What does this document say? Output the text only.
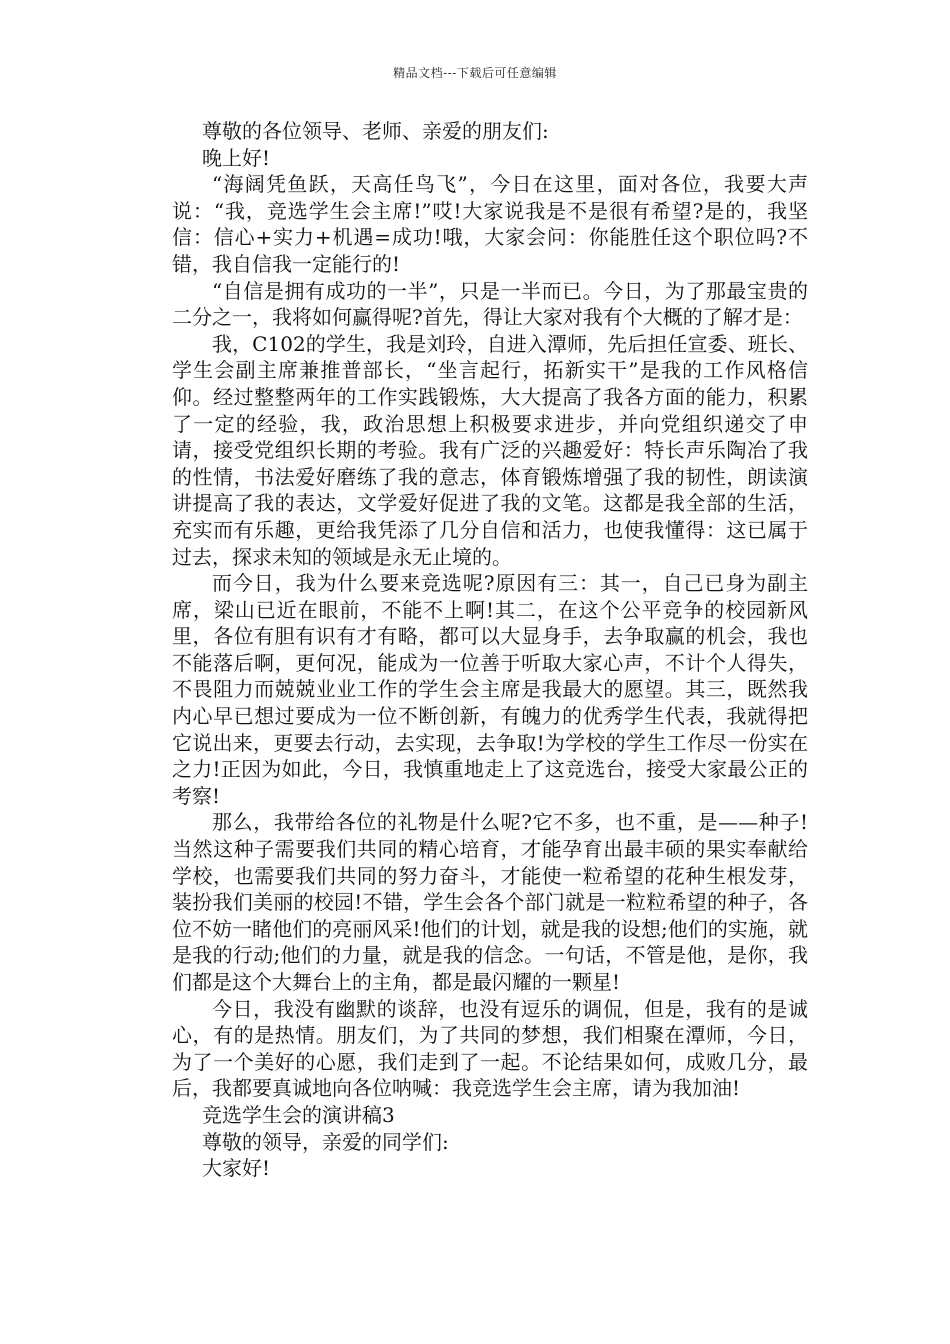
精品文档---下载后可任意编辑

尊敬的各位领导、老师、亲爱的朋友们:

晚上好!

“海阔凭鱼跃，天高任鸟飞”，今日在这里，面对各位，我要大声说：“我，竞选学生会主席!”哎!大家说我是不是很有希望?是的，我坚信：信心+实力+机遇=成功!哦，大家会问：你能胜任这个职位吗?不错，我自信我一定能行的!

“自信是拥有成功的一半”，只是一半而已。今日，为了那最宝贵的二分之一，我将如何赢得呢?首先，得让大家对我有个大概的了解才是：

我，C102的学生，我是刘玲，自进入潭师，先后担任宣委、班长、学生会副主席兼推普部长，“坐言起行，拓新实干”是我的工作风格信仰。经过整整两年的工作实践锻炼，大大提高了我各方面的能力，积累了一定的经验，我，政治思想上积极要求进步，并向党组织递交了申请，接受党组织长期的考验。我有广泛的兴趣爱好：特长声乐陶冶了我的性情，书法爱好磨练了我的意志，体育锻炼增强了我的韧性，朗读演讲提高了我的表达，文学爱好促进了我的文笔。这都是我全部的生活，充实而有乐趣，更给我凭添了几分自信和活力，也使我懂得：这已属于过去，探求未知的领域是永无止境的。

而今日，我为什么要来竞选呢?原因有三：其一，自己已身为副主席，梁山已近在眼前，不能不上啊!其二，在这个公平竞争的校园新风里，各位有胆有识有才有略，都可以大显身手，去争取赢的机会，我也不能落后啊，更何况，能成为一位善于听取大家心声，不计个人得失，不畏阻力而兢兢业业工作的学生会主席是我最大的愿望。其三，既然我内心早已想过要成为一位不断创新，有魄力的优秀学生代表，我就得把它说出来，更要去行动，去实现，去争取!为学校的学生工作尽一份实在之力!正因为如此，今日，我慎重地走上了这竞选台，接受大家最公正的考察!

那么，我带给各位的礼物是什么呢?它不多，也不重，是——种子!当然这种子需要我们共同的精心培育，才能孕育出最丰硕的果实奉献给学校，也需要我们共同的努力奋斗，才能使一粒希望的花种生根发芽，装扮我们美丽的校园!不错，学生会各个部门就是一粒粒希望的种子，各位不妨一睹他们的亮丽风采!他们的计划，就是我的设想;他们的实施，就是我的行动;他们的力量，就是我的信念。一句话，不管是他，是你，我们都是这个大舞台上的主角，都是最闪耀的一颗星!

今日，我没有幽默的谈辞，也没有逗乐的调侃，但是，我有的是诚心，有的是热情。朋友们，为了共同的梦想，我们相聚在潭师，今日，为了一个美好的心愿，我们走到了一起。不论结果如何，成败几分，最后，我都要真诚地向各位呐喊：我竞选学生会主席，请为我加油!

竞选学生会的演讲稿3

尊敬的领导，亲爱的同学们:

大家好!
